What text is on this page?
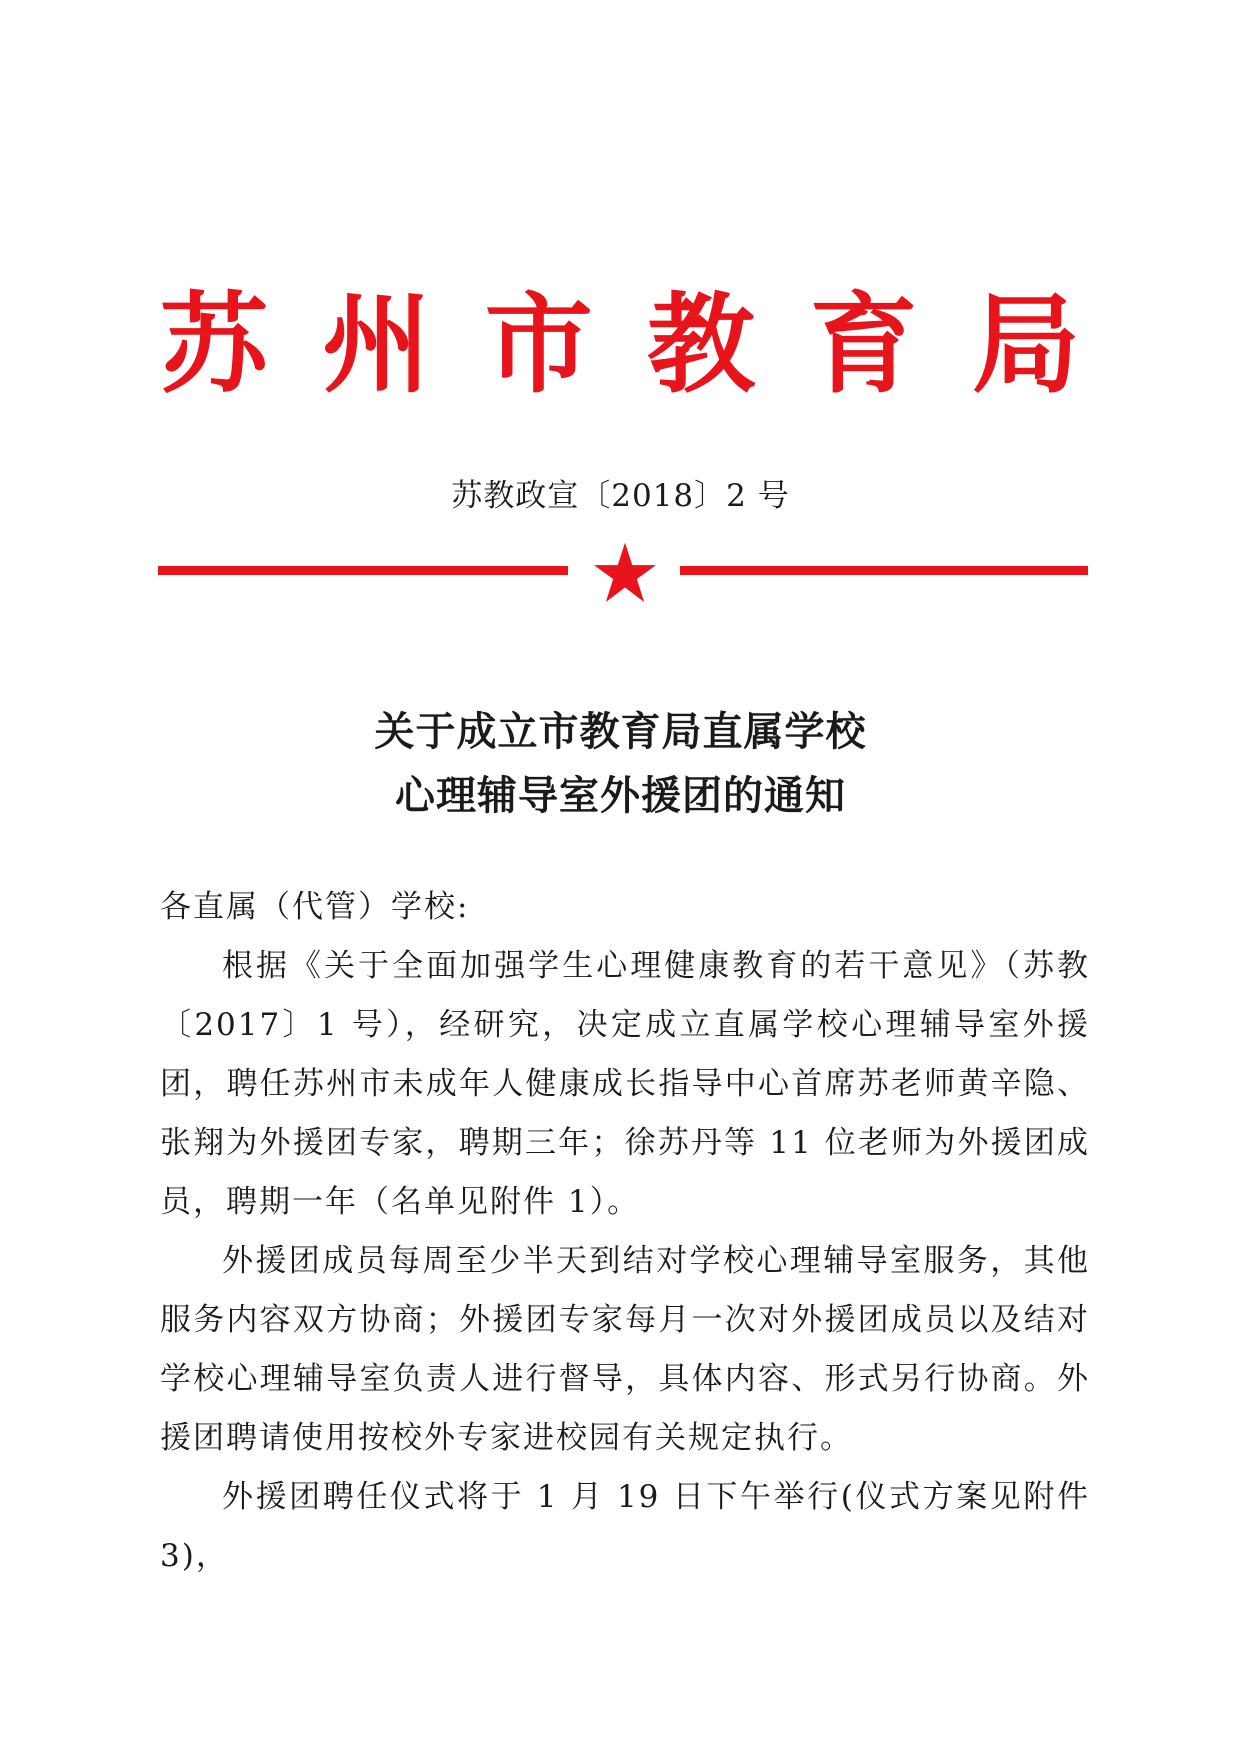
苏 州 市 教 育 局
苏教政宣〔2018〕2 号
关于成立市教育局直属学校
心理辅导室外援团的通知

各直属（代管）学校:

根据《关于全面加强学生心理健康教育的若干意见》（苏教〔2017〕1 号），经研究，决定成立直属学校心理辅导室外援团，聘任苏州市未成年人健康成长指导中心首席苏老师黄辛隐、张翔为外援团专家，聘期三年；徐苏丹等 11 位老师为外援团成员，聘期一年（名单见附件 1）。

外援团成员每周至少半天到结对学校心理辅导室服务，其他服务内容双方协商；外援团专家每月一次对外援团成员以及结对学校心理辅导室负责人进行督导，具体内容、形式另行协商。外援团聘请使用按校外专家进校园有关规定执行。

外援团聘任仪式将于 1 月 19 日下午举行(仪式方案见附件 3)，
